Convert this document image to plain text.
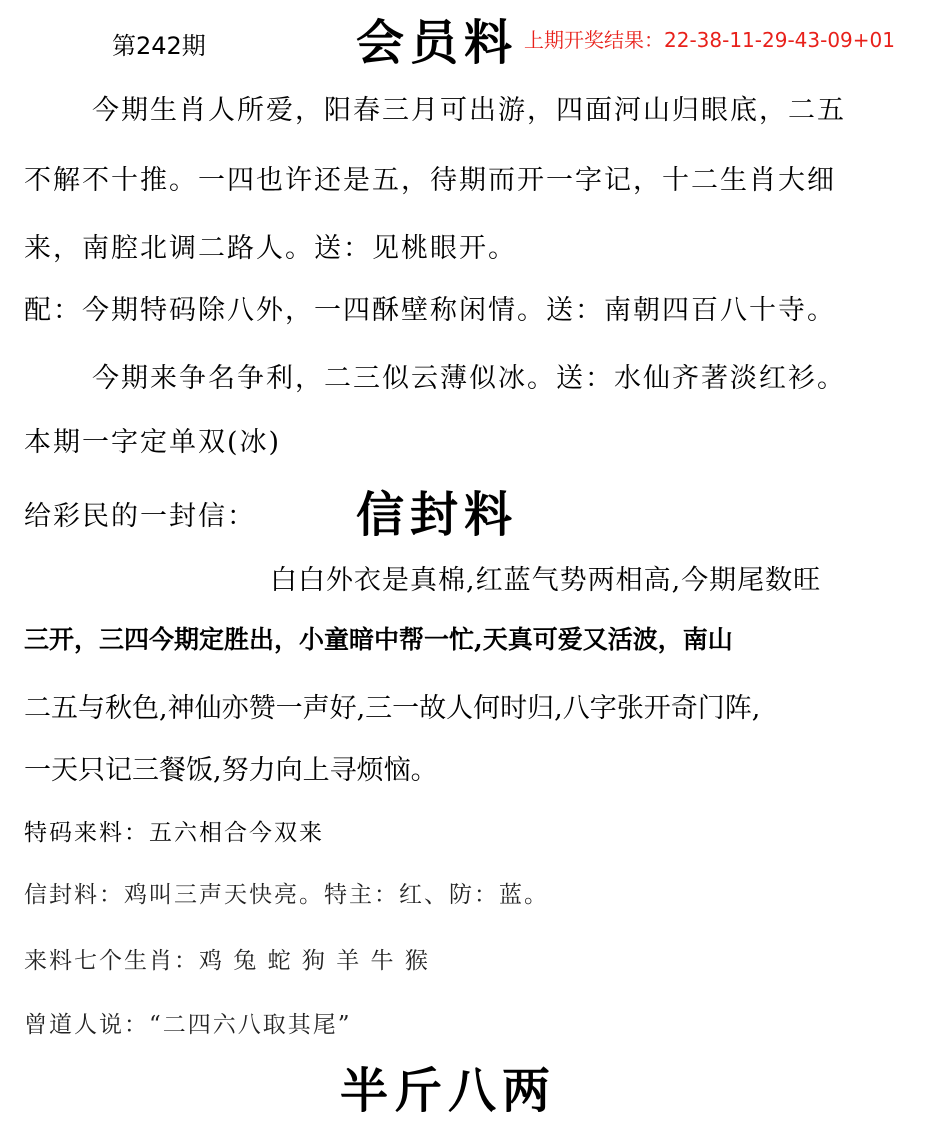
第242期	会员料 上期开奖结果：22-38-11-29-43-09+01
今期生肖人所爱，阳春三月可出游，四面河山归眼底，二五
不解不十推。一四也许还是五，待期而开一字记，十二生肖大细
来，南腔北调二路人。送：见桃眼开。
配：今期特码除八外，一四酥壁称闲情。送：南朝四百八十寺。
今期来争名争利，二三似云薄似冰。送：水仙齐著淡红衫。
本期一字定单双(冰)
给彩民的一封信： 信封料
白白外衣是真棉,红蓝气势两相高,今期尾数旺
三开，三四今期定胜出，小童暗中帮一忙,天真可爱又活波，南山
二五与秋色,神仙亦赞一声好,三一故人何时归,八字张开奇门阵,
一天只记三餐饭,努力向上寻烦恼。
特码来料：五六相合今双来
信封料：鸡叫三声天快亮。特主：红、防：蓝。
来料七个生肖：鸡 兔 蛇 狗 羊 牛 猴
曾道人说：“二四六八取其尾”
半斤八两
